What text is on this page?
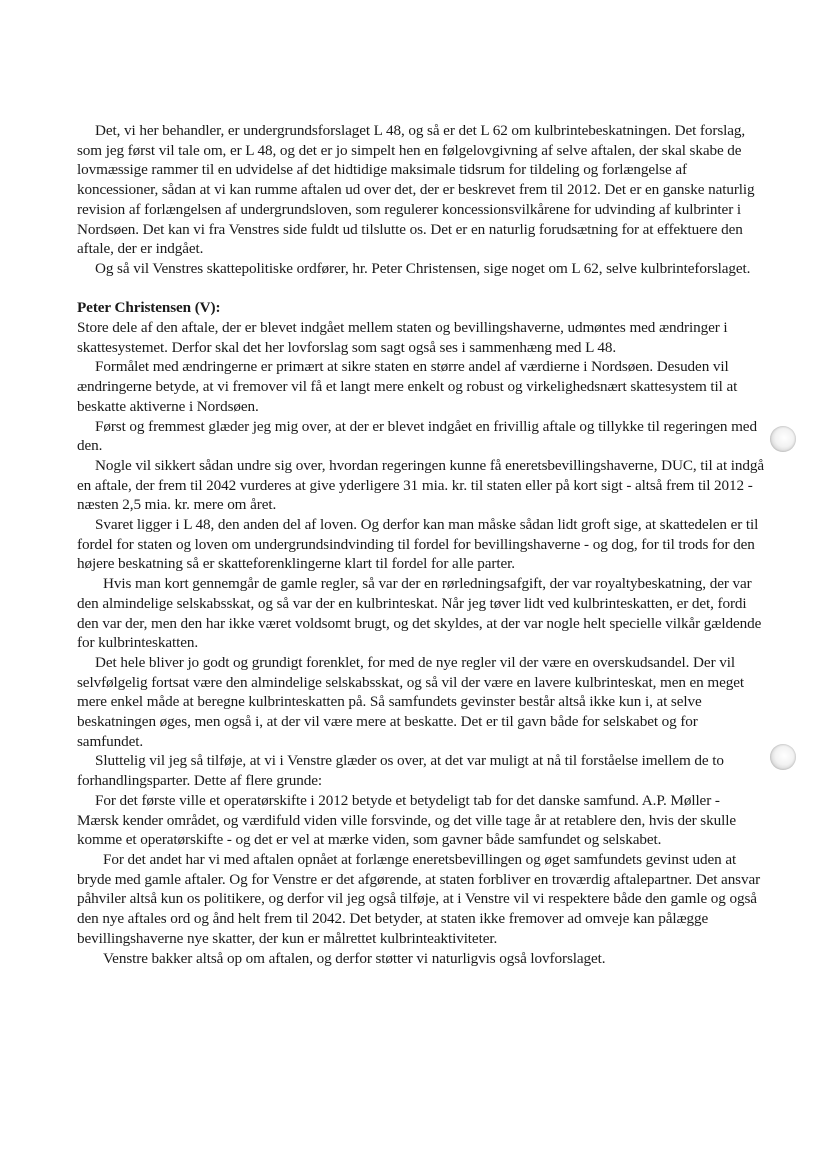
Det, vi her behandler, er undergrundsforslaget L 48, og så er det L 62 om kulbrintebeskatningen. Det forslag, som jeg først vil tale om, er L 48, og det er jo simpelt hen en følgelovgivning af selve aftalen, der skal skabe de lovmæssige rammer til en udvidelse af det hidtidige maksimale tidsrum for tildeling og forlængelse af koncessioner, sådan at vi kan rumme aftalen ud over det, der er beskrevet frem til 2012. Det er en ganske naturlig revision af forlængelsen af undergrundsloven, som regulerer koncessionsvilkårene for udvinding af kulbrinter i Nordsøen. Det kan vi fra Venstres side fuldt ud tilslutte os. Det er en naturlig forudsætning for at effektuere den aftale, der er indgået.

Og så vil Venstres skattepolitiske ordfører, hr. Peter Christensen, sige noget om L 62, selve kulbrinteforslaget.

Peter Christensen (V):

Store dele af den aftale, der er blevet indgået mellem staten og bevillingshaverne, udmøntes med ændringer i skattesystemet. Derfor skal det her lovforslag som sagt også ses i sammenhæng med L 48.

Formålet med ændringerne er primært at sikre staten en større andel af værdierne i Nordsøen. Desuden vil ændringerne betyde, at vi fremover vil få et langt mere enkelt og robust og virkelighedsnært skattesystem til at beskatte aktiverne i Nordsøen.

Først og fremmest glæder jeg mig over, at der er blevet indgået en frivillig aftale og tillykke til regeringen med den.

Nogle vil sikkert sådan undre sig over, hvordan regeringen kunne få eneretsbevillingshaverne, DUC, til at indgå en aftale, der frem til 2042 vurderes at give yderligere 31 mia. kr. til staten eller på kort sigt - altså frem til 2012 - næsten 2,5 mia. kr. mere om året.

Svaret ligger i L 48, den anden del af loven. Og derfor kan man måske sådan lidt groft sige, at skattedelen er til fordel for staten og loven om undergrundsindvinding til fordel for bevillingshaverne - og dog, for til trods for den højere beskatning så er skatteforenklingerne klart til fordel for alle parter.

Hvis man kort gennemgår de gamle regler, så var der en rørledningsafgift, der var royaltybeskatning, der var den almindelige selskabsskat, og så var der en kulbrinteskat. Når jeg tøver lidt ved kulbrinteskatten, er det, fordi den var der, men den har ikke været voldsomt brugt, og det skyldes, at der var nogle helt specielle vilkår gældende for kulbrinteskatten.

Det hele bliver jo godt og grundigt forenklet, for med de nye regler vil der være en overskudsandel. Der vil selvfølgelig fortsat være den almindelige selskabsskat, og så vil der være en lavere kulbrinteskat, men en meget mere enkel måde at beregne kulbrinteskatten på. Så samfundets gevinster består altså ikke kun i, at selve beskatningen øges, men også i, at der vil være mere at beskatte. Det er til gavn både for selskabet og for samfundet.

Sluttelig vil jeg så tilføje, at vi i Venstre glæder os over, at det var muligt at nå til forståelse imellem de to forhandlingsparter. Dette af flere grunde:

For det første ville et operatørskifte i 2012 betyde et betydeligt tab for det danske samfund. A.P. Møller - Mærsk kender området, og værdifuld viden ville forsvinde, og det ville tage år at retablere den, hvis der skulle komme et operatørskifte - og det er vel at mærke viden, som gavner både samfundet og selskabet.

For det andet har vi med aftalen opnået at forlænge eneretsbevillingen og øget samfundets gevinst uden at bryde med gamle aftaler. Og for Venstre er det afgørende, at staten forbliver en troværdig aftalepartner. Det ansvar påhviler altså kun os politikere, og derfor vil jeg også tilføje, at i Venstre vil vi respektere både den gamle og også den nye aftales ord og ånd helt frem til 2042. Det betyder, at staten ikke fremover ad omveje kan pålægge bevillingshaverne nye skatter, der kun er målrettet kulbrinteaktiviteter.

Venstre bakker altså op om aftalen, og derfor støtter vi naturligvis også lovforslaget.
